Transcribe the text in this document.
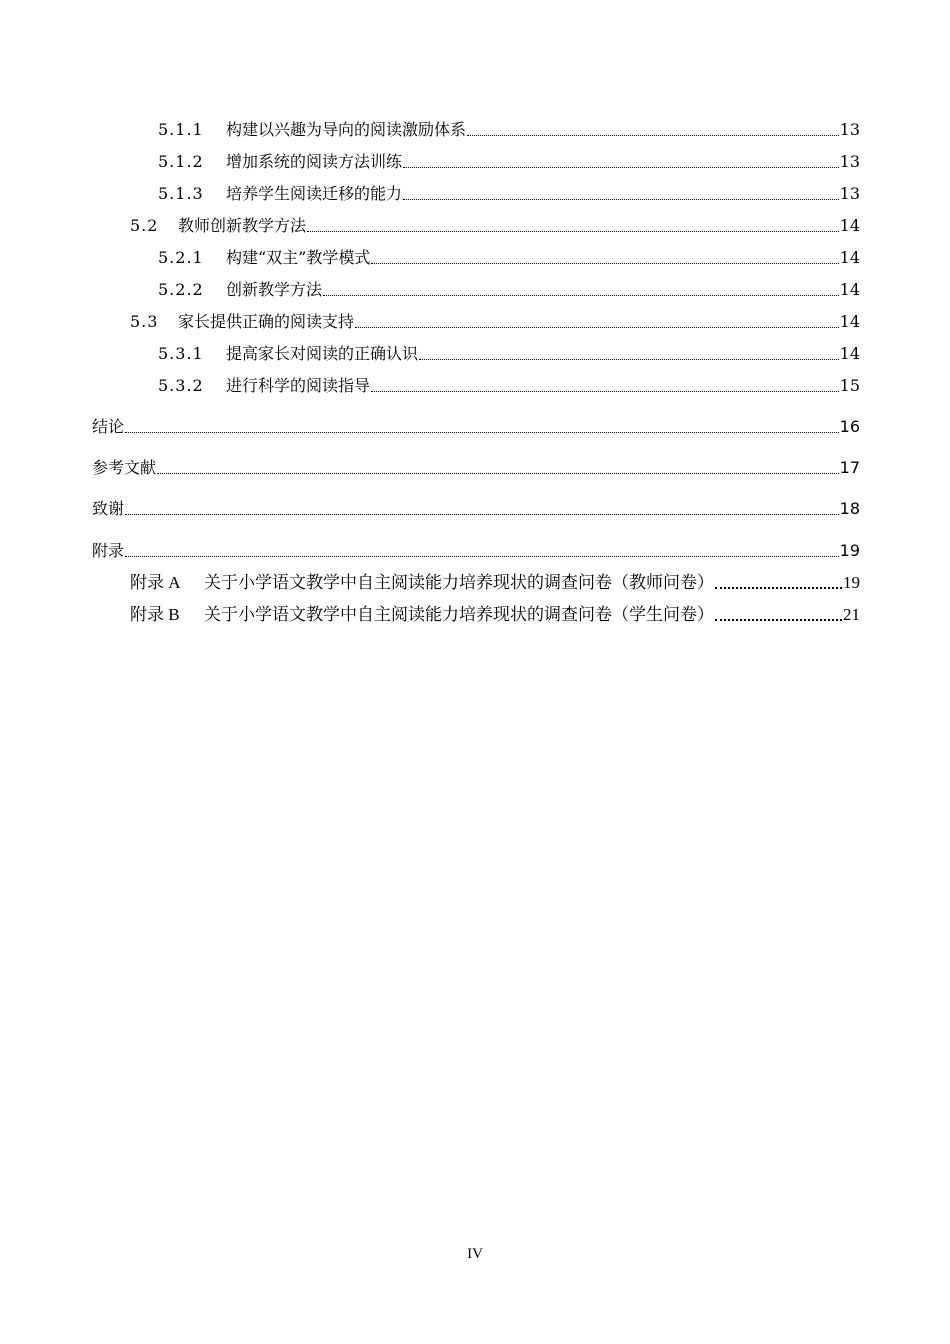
5.1.1	构建以兴趣为导向的阅读激励体系	13
5.1.2	增加系统的阅读方法训练	13
5.1.3	培养学生阅读迁移的能力	13
5.2	教师创新教学方法	14
5.2.1	构建“双主”教学模式	14
5.2.2	创新教学方法	14
5.3	家长提供正确的阅读支持	14
5.3.1	提高家长对阅读的正确认识	14
5.3.2	进行科学的阅读指导	15
结论	16
参考文献	17
致谢	18
附录	19
附录 A	关于小学语文教学中自主阅读能力培养现状的调查问卷（教师问卷）	19
附录 B	关于小学语文教学中自主阅读能力培养现状的调查问卷（学生问卷）	21
IV
